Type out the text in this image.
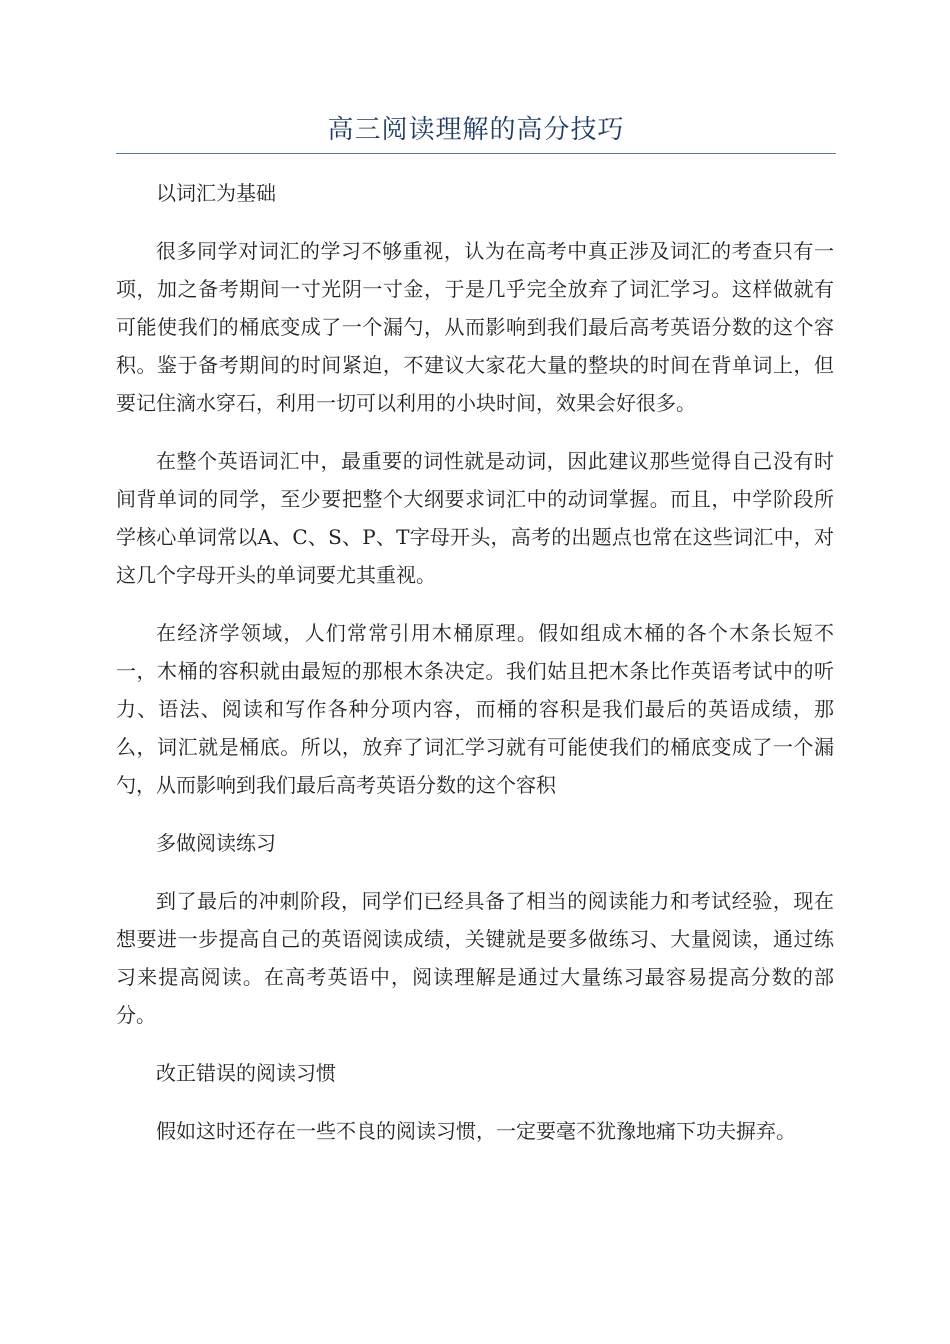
高三阅读理解的高分技巧

以词汇为基础

很多同学对词汇的学习不够重视，认为在高考中真正涉及词汇的考查只有一项，加之备考期间一寸光阴一寸金，于是几乎完全放弃了词汇学习。这样做就有可能使我们的桶底变成了一个漏勺，从而影响到我们最后高考英语分数的这个容积。鉴于备考期间的时间紧迫，不建议大家花大量的整块的时间在背单词上，但要记住滴水穿石，利用一切可以利用的小块时间，效果会好很多。

在整个英语词汇中，最重要的词性就是动词，因此建议那些觉得自己没有时间背单词的同学，至少要把整个大纲要求词汇中的动词掌握。而且，中学阶段所学核心单词常以A、C、S、P、T字母开头，高考的出题点也常在这些词汇中，对这几个字母开头的单词要尤其重视。

在经济学领域，人们常常引用木桶原理。假如组成木桶的各个木条长短不一，木桶的容积就由最短的那根木条决定。我们姑且把木条比作英语考试中的听力、语法、阅读和写作各种分项内容，而桶的容积是我们最后的英语成绩，那么，词汇就是桶底。所以，放弃了词汇学习就有可能使我们的桶底变成了一个漏勺，从而影响到我们最后高考英语分数的这个容积

多做阅读练习

到了最后的冲刺阶段，同学们已经具备了相当的阅读能力和考试经验，现在想要进一步提高自己的英语阅读成绩，关键就是要多做练习、大量阅读，通过练习来提高阅读。在高考英语中，阅读理解是通过大量练习最容易提高分数的部分。

改正错误的阅读习惯

假如这时还存在一些不良的阅读习惯，一定要毫不犹豫地痛下功夫摒弃。
